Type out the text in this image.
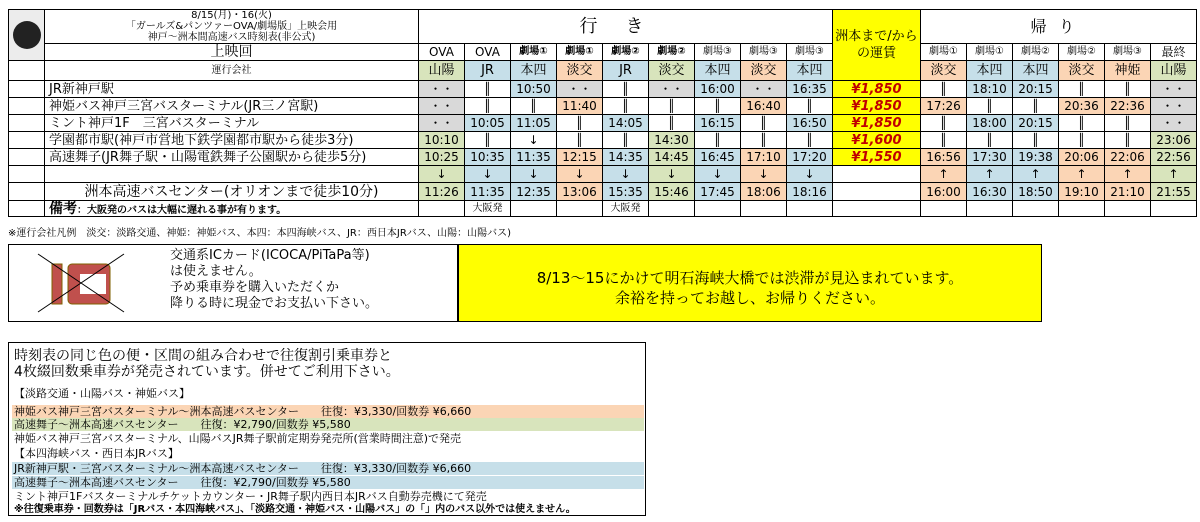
	8/15(月)・16(火)
「ガールズ&パンツァーOVA/劇場版」上映会用
神戸～洲本間高速バス時刻表(非公式)	行き									洲本まで/からの運賃	帰り					
	上映回	OVA	OVA	劇場①	劇場①	劇場②	劇場②	劇場③	劇場③	劇場③		劇場①	劇場①	劇場②	劇場②	劇場③	最終
	運行会社	山陽	JR	本四	淡交	JR	淡交	本四	淡交	本四		淡交	本四	本四	淡交	神姫	山陽
	JR新神戸駅	・・	║	10:50	・・	║	・・	16:00	・・	16:35	¥1,850	║	18:10	20:15	║	║	・・
	神姫バス神戸三宮バスターミナル(JR三ノ宮駅)	・・	║	║	11:40	║	║	║	16:40	║	¥1,850	17:26	║	║	20:36	22:36	・・
	ミント神戸1F　三宮バスターミナル	・・	10:05	11:05	║	14:05	║	16:15	║	16:50	¥1,850	║	18:00	20:15	║	║	・・
	学園都市駅(神戸市営地下鉄学園都市駅から徒歩3分)	10:10	║	↓	║	║	14:30	║	║	║	¥1,600	║	║	║	║	║	23:06
	高速舞子(JR舞子駅・山陽電鉄舞子公園駅から徒歩5分)	10:25	10:35	11:35	12:15	14:35	14:45	16:45	17:10	17:20	¥1,550	16:56	17:30	19:38	20:06	22:06	22:56
		↓	↓	↓	↓	↓	↓	↓	↓	↓		↑	↑	↑	↑	↑	↑
	洲本高速バスセンター(オリオンまで徒歩10分)	11:26	11:35	12:35	13:06	15:35	15:46	17:45	18:06	18:16		16:00	16:30	18:50	19:10	21:10	21:55
	備考：大阪発のバスは大幅に遅れる事が有ります。		大阪発			大阪発											
※運行会社凡例　淡交：淡路交通、神姫：神姫バス、本四：本四海峡バス、JR：西日本JRバス、山陽：山陽バス)
交通系ICカード(ICOCA/PiTaPa等)
は使えません。
予め乗車券を購入いただくか
降りる時に現金でお支払い下さい。
8/13～15にかけて明石海峡大橋では渋滞が見込まれています。
余裕を持ってお越し、お帰りください。
時刻表の同じ色の便・区間の組み合わせで往復割引乗車券と
4枚綴回数乗車券が発売されています。併せてご利用下さい。
【淡路交通・山陽バス・神姫バス】
神姫バス神戸三宮バスターミナル～洲本高速バスセンター　　往復：¥3,330/回数券 ¥6,660
高速舞子～洲本高速バスセンター　　往復：¥2,790/回数券 ¥5,580
神姫バス神戸三宮バスターミナル、山陽バスJR舞子駅前定期券発売所(営業時間注意)で発売
【本四海峡バス・西日本JRバス】
JR新神戸駅・三宮バスターミナル～洲本高速バスセンター　　往復：¥3,330/回数券 ¥6,660
高速舞子～洲本高速バスセンター　　往復：¥2,790/回数券 ¥5,580
ミント神戸1Fバスターミナルチケットカウンター・JR舞子駅内西日本JRバス自動券売機にて発売
※往復乗車券・回数券は「JRバス・本四海峡バス」、「淡路交通・神姫バス・山陽バス」の「」内のバス以外では使えません。
